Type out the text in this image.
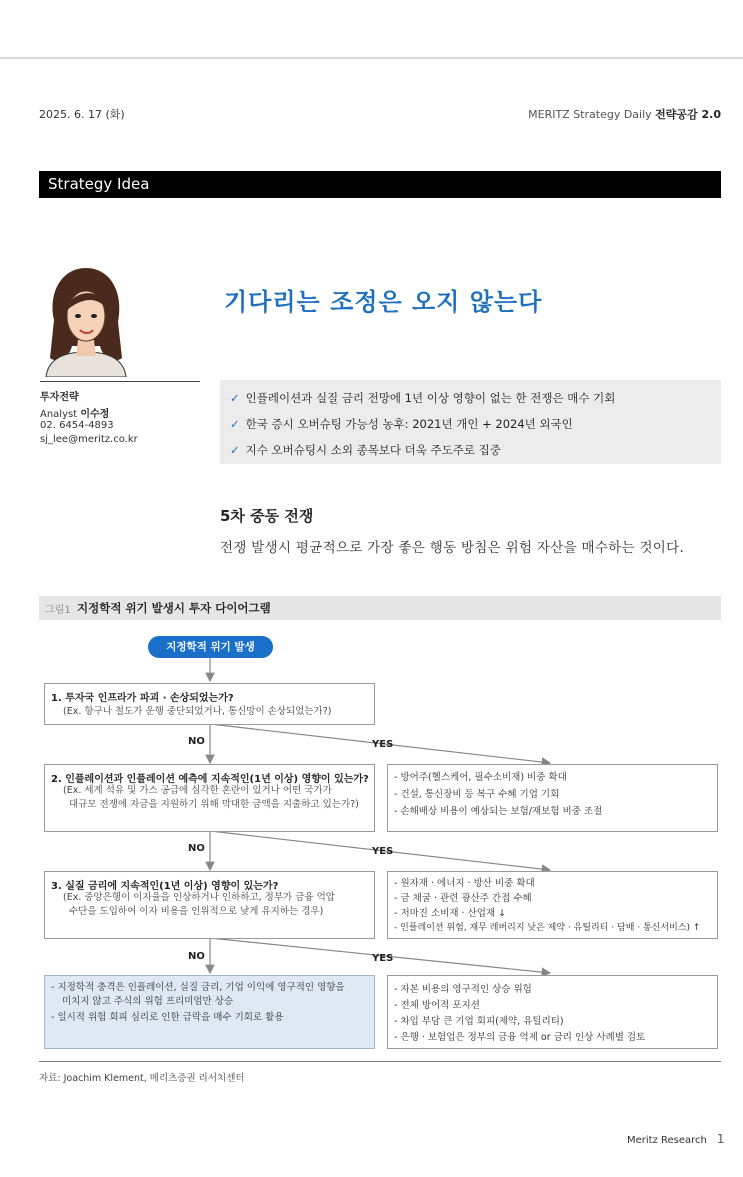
2025. 6. 17 (화)	MERITZ Strategy Daily 전략공감 2.0
Strategy Idea
투자전략
Analyst 이수정
02. 6454-4893
sj_lee@meritz.co.kr
기다리는 조정은 오지 않는다
✓ 인플레이션과 실질 금리 전망에 1년 이상 영향이 없는 한 전쟁은 매수 기회
✓ 한국 증시 오버슈팅 가능성 농후: 2021년 개인 + 2024년 외국인
✓ 지수 오버슈팅시 소외 종목보다 더욱 주도주로 집중
5차 중동 전쟁
전쟁 발생시 평균적으로 가장 좋은 행동 방침은 위험 자산을 매수하는 것이다.
그림1 지정학적 위기 발생시 투자 다이어그램
지정학적 위기 발생
1. 투자국 인프라가 파괴 · 손상되었는가?
(Ex. 항구나 철도가 운행 중단되었거나, 통신망이 손상되었는가?)
NO	YES
2. 인플레이션과 인플레이션 예측에 지속적인(1년 이상) 영향이 있는가?
(Ex. 세계 석유 및 가스 공급에 심각한 혼란이 있거나 어떤 국가가
대규모 전쟁에 자금을 지원하기 위해 막대한 금액을 지출하고 있는가?)
- 방어주(헬스케어, 필수소비재) 비중 확대
- 건설, 통신장비 등 복구 수혜 기업 기회
- 손해배상 비용이 예상되는 보험/재보험 비중 조절
NO	YES
3. 실질 금리에 지속적인(1년 이상) 영향이 있는가?
(Ex. 중앙은행이 이자율을 인상하거나 인하하고, 정부가 금융 억압
수단을 도입하여 이자 비용을 인위적으로 낮게 유지하는 경우)
- 원자재 · 에너지 · 방산 비중 확대
- 금 채굴 · 관련 광산주 간접 수혜
- 저마진 소비재 · 산업재 ↓
- 인플레이션 위험, 재무 레버리지 낮은 제약 · 유틸리티 · 담배 · 통신서비스) ↑
NO	YES
- 지정학적 충격은 인플레이션, 실질 금리, 기업 이익에 영구적인 영향을
미치지 않고 주식의 위험 프리미엄만 상승
- 일시적 위험 회피 심리로 인한 급락을 매수 기회로 활용
- 자본 비용의 영구적인 상승 위험
- 전체 방어적 포지션
- 차입 부담 큰 기업 회피(제약, 유틸리티)
- 은행 · 보험업은 정부의 금융 억제 or 금리 인상 사례별 검토
자료: Joachim Klement, 메리츠증권 리서치센터
Meritz Research 1
